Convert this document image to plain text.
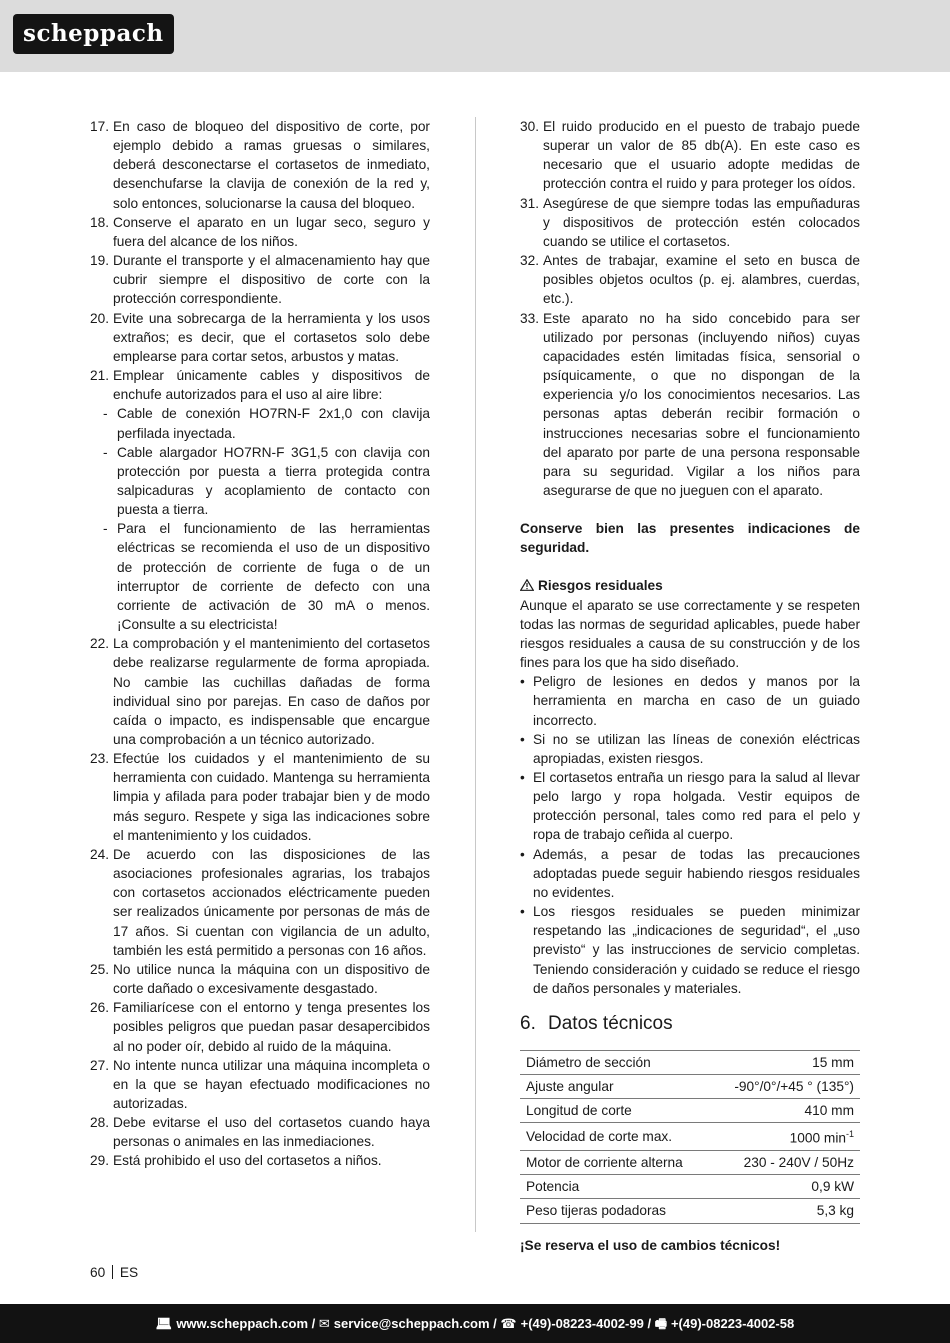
scheppach
17. En caso de bloqueo del dispositivo de corte, por ejemplo debido a ramas gruesas o similares, deberá desconectarse el cortasetos de inmediato, desenchufarse la clavija de conexión de la red y, solo entonces, solucionarse la causa del bloqueo.
18. Conserve el aparato en un lugar seco, seguro y fuera del alcance de los niños.
19. Durante el transporte y el almacenamiento hay que cubrir siempre el dispositivo de corte con la protección correspondiente.
20. Evite una sobrecarga de la herramienta y los usos extraños; es decir, que el cortasetos solo debe emplearse para cortar setos, arbustos y matas.
21. Emplear únicamente cables y dispositivos de enchufe autorizados para el uso al aire libre:
- Cable de conexión HO7RN-F 2x1,0 con clavija perfilada inyectada.
- Cable alargador HO7RN-F 3G1,5 con clavija con protección por puesta a tierra protegida contra salpicaduras y acoplamiento de contacto con puesta a tierra.
- Para el funcionamiento de las herramientas eléctricas se recomienda el uso de un dispositivo de protección de corriente de fuga o de un interruptor de corriente de defecto con una corriente de activación de 30 mA o menos. ¡Consulte a su electricista!
22. La comprobación y el mantenimiento del cortasetos debe realizarse regularmente de forma apropiada. No cambie las cuchillas dañadas de forma individual sino por parejas. En caso de daños por caída o impacto, es indispensable que encargue una comprobación a un técnico autorizado.
23. Efectúe los cuidados y el mantenimiento de su herramienta con cuidado. Mantenga su herramienta limpia y afilada para poder trabajar bien y de modo más seguro. Respete y siga las indicaciones sobre el mantenimiento y los cuidados.
24. De acuerdo con las disposiciones de las asociaciones profesionales agrarias, los trabajos con cortasetos accionados eléctricamente pueden ser realizados únicamente por personas de más de 17 años. Si cuentan con vigilancia de un adulto, también les está permitido a personas con 16 años.
25. No utilice nunca la máquina con un dispositivo de corte dañado o excesivamente desgastado.
26. Familiarícese con el entorno y tenga presentes los posibles peligros que puedan pasar desapercibidos al no poder oír, debido al ruido de la máquina.
27. No intente nunca utilizar una máquina incompleta o en la que se hayan efectuado modificaciones no autorizadas.
28. Debe evitarse el uso del cortasetos cuando haya personas o animales en las inmediaciones.
29. Está prohibido el uso del cortasetos a niños.
30. El ruido producido en el puesto de trabajo puede superar un valor de 85 db(A). En este caso es necesario que el usuario adopte medidas de protección contra el ruido y para proteger los oídos.
31. Asegúrese de que siempre todas las empuñaduras y dispositivos de protección estén colocados cuando se utilice el cortasetos.
32. Antes de trabajar, examine el seto en busca de posibles objetos ocultos (p. ej. alambres, cuerdas, etc.).
33. Este aparato no ha sido concebido para ser utilizado por personas (incluyendo niños) cuyas capacidades estén limitadas física, sensorial o psíquicamente, o que no dispongan de la experiencia y/o los conocimientos necesarios. Las personas aptas deberán recibir formación o instrucciones necesarias sobre el funcionamiento del aparato por parte de una persona responsable para su seguridad. Vigilar a los niños para asegurarse de que no jueguen con el aparato.
Conserve bien las presentes indicaciones de seguridad.
Riesgos residuales
Aunque el aparato se use correctamente y se respeten todas las normas de seguridad aplicables, puede haber riesgos residuales a causa de su construcción y de los fines para los que ha sido diseñado.
• Peligro de lesiones en dedos y manos por la herramienta en marcha en caso de un guiado incorrecto.
• Si no se utilizan las líneas de conexión eléctricas apropiadas, existen riesgos.
• El cortasetos entraña un riesgo para la salud al llevar pelo largo y ropa holgada. Vestir equipos de protección personal, tales como red para el pelo y ropa de trabajo ceñida al cuerpo.
• Además, a pesar de todas las precauciones adoptadas puede seguir habiendo riesgos residuales no evidentes.
• Los riesgos residuales se pueden minimizar respetando las „indicaciones de seguridad“, el „uso previsto“ y las instrucciones de servicio completas. Teniendo consideración y cuidado se reduce el riesgo de daños personales y materiales.
6. Datos técnicos
Diámetro de sección	15 mm
Ajuste angular	-90°/0°/+45 ° (135°)
Longitud de corte	410 mm
Velocidad de corte max.	1000 $\min^{-1}$
Motor de corriente alterna	230 - 240V / 50Hz
Potencia	0,9 kW
Peso tijeras podadoras	5,3 kg
¡Se reserva el uso de cambios técnicos!
60 ES
💻︎ www.scheppach.com / ✉︎ service@scheppach.com / ☎︎ +(49)-08223-4002-99 / 🖷︎ +(49)-08223-4002-58
